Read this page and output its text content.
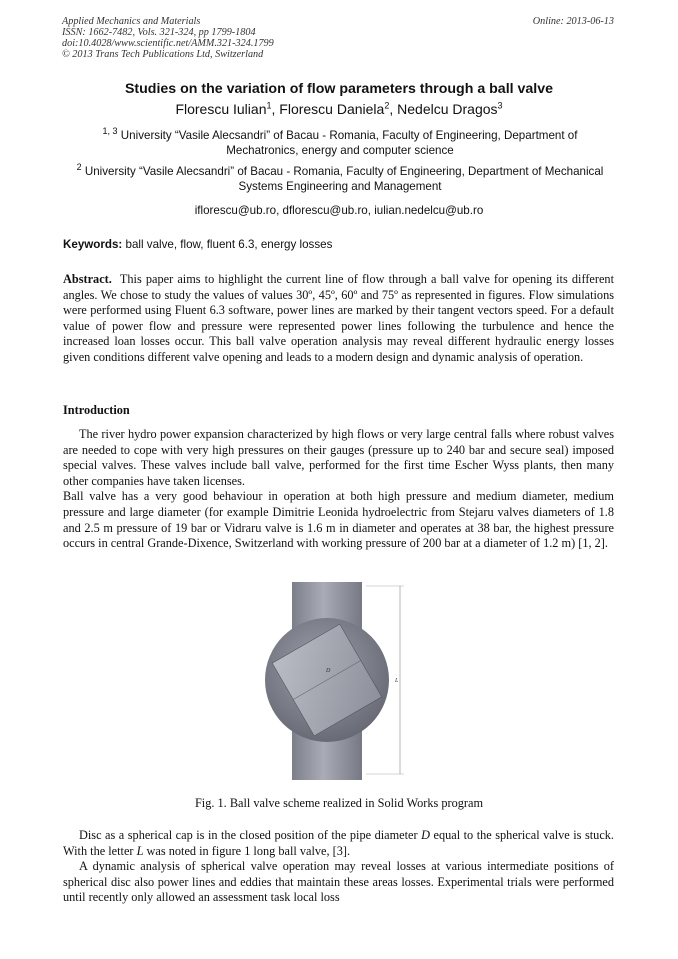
Applied Mechanics and Materials
ISSN: 1662-7482, Vols. 321-324, pp 1799-1804
doi:10.4028/www.scientific.net/AMM.321-324.1799
© 2013 Trans Tech Publications Ltd, Switzerland
Online: 2013-06-13
Studies on the variation of flow parameters through a ball valve
Florescu Iulian$^1$, Florescu Daniela$^2$, Nedelcu Dragos$^3$
$^{1, 3}$ University “Vasile Alecsandri” of Bacau - Romania, Faculty of Engineering, Department of Mechatronics, energy and computer science
$^2$ University “Vasile Alecsandri” of Bacau - Romania, Faculty of Engineering, Department of Mechanical Systems Engineering and Management
iflorescu@ub.ro, dflorescu@ub.ro, iulian.nedelcu@ub.ro
Keywords: ball valve, flow, fluent 6.3, energy losses

Abstract. This paper aims to highlight the current line of flow through a ball valve for opening its different angles. We chose to study the values of values 30º, 45º, 60º and 75º as represented in figures. Flow simulations were performed using Fluent 6.3 software, power lines are marked by their tangent vectors speed. For a default value of power flow and pressure were represented power lines following the turbulence and hence the increased loan losses occur. This ball valve operation analysis may reveal different hydraulic energy losses given conditions different valve opening and leads to a modern design and dynamic analysis of operation.

Introduction

The river hydro power expansion characterized by high flows or very large central falls where robust valves are needed to cope with very high pressures on their gauges (pressure up to 240 bar and secure seal) imposed special valves. These valves include ball valve, performed for the first time Escher Wyss plants, then many other companies have taken licenses.

Ball valve has a very good behaviour in operation at both high pressure and medium diameter, medium pressure and large diameter (for example Dimitrie Leonida hydroelectric from Stejaru valves diameters of 1.8 and 2.5 m pressure of 19 bar or Vidraru valve is 1.6 m in diameter and operates at 38 bar, the highest pressure occurs in central Grande-Dixence, Switzerland with working pressure of 200 bar at a diameter of 1.2 m) [1, 2].

D
L
Fig. 1. Ball valve scheme realized in Solid Works program

Disc as a spherical cap is in the closed position of the pipe diameter D equal to the spherical valve is stuck. With the letter L was noted in figure 1 long ball valve, [3].

A dynamic analysis of spherical valve operation may reveal losses at various intermediate positions of spherical disc also power lines and eddies that maintain these areas losses. Experimental trials were performed until recently only allowed an assessment task local loss
